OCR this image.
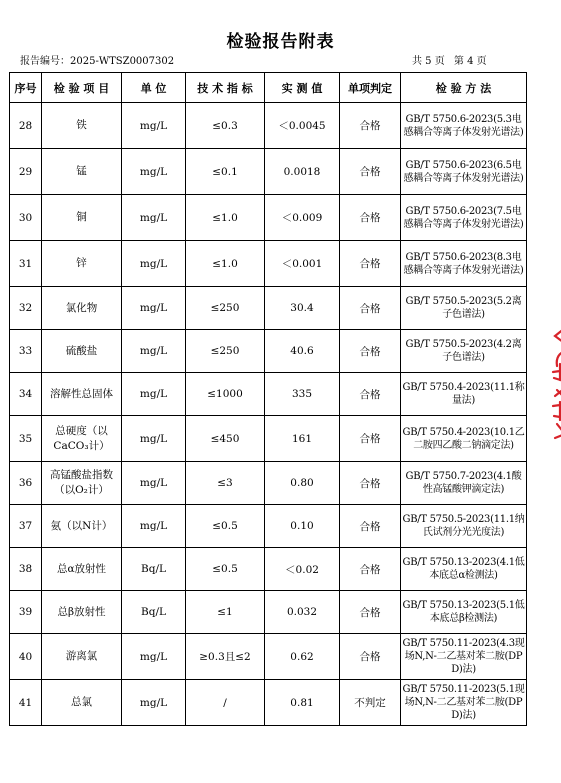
检验报告附表
报告编号：2025-WTSZ0007302	共 5 页 第 4 页
序号	检 验 项 目	单 位	技 术 指 标	实 测 值	单项判定	检 验 方 法
28	铁	mg/L	≤0.3	＜0.0045	合格	GB/T 5750.6-2023(5.3电感耦合等离子体发射光谱法)
29	锰	mg/L	≤0.1	0.0018	合格	GB/T 5750.6-2023(6.5电感耦合等离子体发射光谱法)
30	铜	mg/L	≤1.0	＜0.009	合格	GB/T 5750.6-2023(7.5电感耦合等离子体发射光谱法)
31	锌	mg/L	≤1.0	＜0.001	合格	GB/T 5750.6-2023(8.3电感耦合等离子体发射光谱法)
32	氯化物	mg/L	≤250	30.4	合格	GB/T 5750.5-2023(5.2离子色谱法)
33	硫酸盐	mg/L	≤250	40.6	合格	GB/T 5750.5-2023(4.2离子色谱法)
34	溶解性总固体	mg/L	≤1000	335	合格	GB/T 5750.4-2023(11.1称量法)
35	总硬度（以CaCO₃计）	mg/L	≤450	161	合格	GB/T 5750.4-2023(10.1乙二胺四乙酸二钠滴定法)
36	高锰酸盐指数（以O₂计）	mg/L	≤3	0.80	合格	GB/T 5750.7-2023(4.1酸性高锰酸钾滴定法)
37	氨（以N计）	mg/L	≤0.5	0.10	合格	GB/T 5750.5-2023(11.1纳氏试剂分光光度法)
38	总α放射性	Bq/L	≤0.5	＜0.02	合格	GB/T 5750.13-2023(4.1低本底总α检测法)
39	总β放射性	Bq/L	≤1	0.032	合格	GB/T 5750.13-2023(5.1低本底总β检测法)
40	游离氯	mg/L	≥0.3且≤2	0.62	合格	GB/T 5750.11-2023(4.3现场N,N-二乙基对苯二胺(DPD)法)
41	总氯	mg/L	/	0.81	不判定	GB/T 5750.11-2023(5.1现场N,N-二乙基对苯二胺(DPD)法)
